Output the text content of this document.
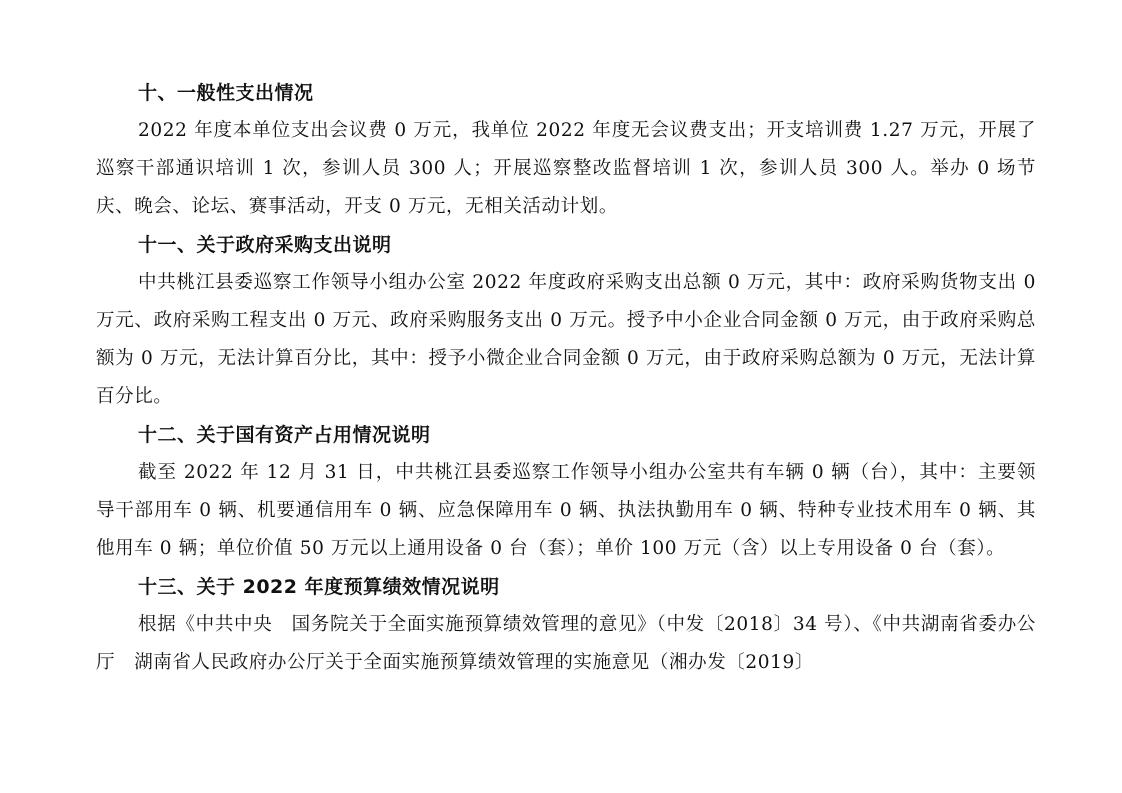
十、一般性支出情况

2022 年度本单位支出会议费 0 万元，我单位 2022 年度无会议费支出；开支培训费 1.27 万元，开展了巡察干部通识培训 1 次，参训人员 300 人；开展巡察整改监督培训 1 次，参训人员 300 人。举办 0 场节庆、晚会、论坛、赛事活动，开支 0 万元，无相关活动计划。

十一、关于政府采购支出说明

中共桃江县委巡察工作领导小组办公室 2022 年度政府采购支出总额 0 万元，其中：政府采购货物支出 0 万元、政府采购工程支出 0 万元、政府采购服务支出 0 万元。授予中小企业合同金额 0 万元，由于政府采购总额为 0 万元，无法计算百分比，其中：授予小微企业合同金额 0 万元，由于政府采购总额为 0 万元，无法计算百分比。

十二、关于国有资产占用情况说明

截至 2022 年 12 月 31 日，中共桃江县委巡察工作领导小组办公室共有车辆 0 辆（台），其中：主要领导干部用车 0 辆、机要通信用车 0 辆、应急保障用车 0 辆、执法执勤用车 0 辆、特种专业技术用车 0 辆、其他用车 0 辆；单位价值 50 万元以上通用设备 0 台（套）；单价 100 万元（含）以上专用设备 0 台（套）。

十三、关于 2022 年度预算绩效情况说明

根据《中共中央　国务院关于全面实施预算绩效管理的意见》（中发〔2018〕34 号）、《中共湖南省委办公厅　湖南省人民政府办公厅关于全面实施预算绩效管理的实施意见（湘办发〔2019〕
